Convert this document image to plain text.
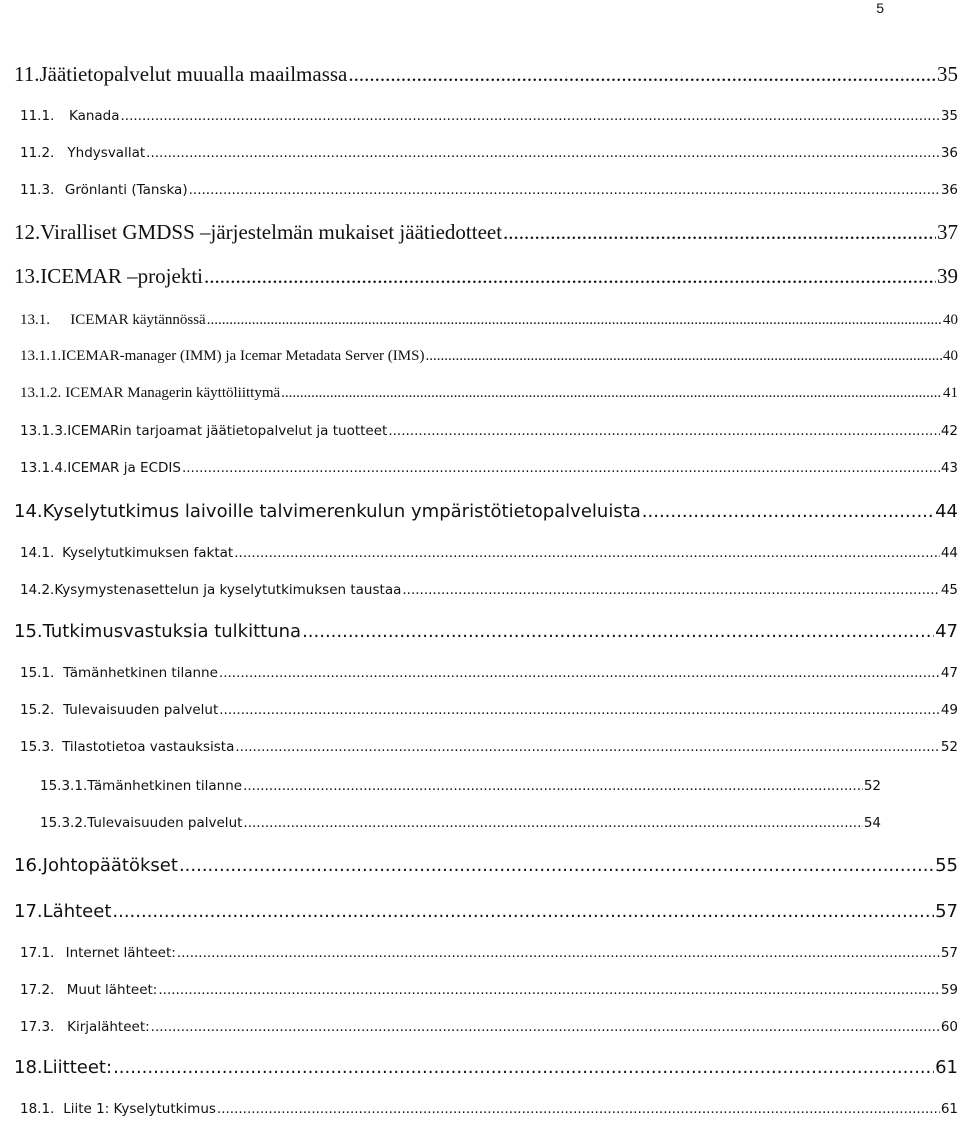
5
11. Jäätietopalvelut muualla maailmassa .....	35
11.1.	Kanada .....	35
11.2. Yhdysvallat .....	36
11.3. Grönlanti (Tanska) .....	36
12. Viralliset GMDSS –järjestelmän mukaiset jäätiedotteet .....	37
13. ICEMAR –projekti .....	39
13.1.	ICEMAR käytännössä .....	40
13.1.1. ICEMAR-manager (IMM) ja Icemar Metadata Server (IMS) .....	40
13.1.2. ICEMAR Managerin käyttöliittymä .....	41
13.1.3. ICEMARin tarjoamat jäätietopalvelut ja tuotteet .....	42
13.1.4. ICEMAR ja ECDIS .....	43
14. Kyselytutkimus laivoille talvimerenkulun ympäristötietopalveluista .....	44
14.1. Kyselytutkimuksen faktat .....	44
14.2. Kysymystenasettelun ja kyselytutkimuksen taustaa .....	45
15. Tutkimusvastuksia tulkittuna .....	47
15.1. Tämänhetkinen tilanne .....	47
15.2. Tulevaisuuden palvelut .....	49
15.3. Tilastotietoa vastauksista .....	52
15.3.1. Tämänhetkinen tilanne .....	52
15.3.2. Tulevaisuuden palvelut .....	54
16. Johtopäätökset .....	55
17. Lähteet .....	57
17.1. Internet lähteet: .....	57
17.2. Muut lähteet: .....	59
17.3. Kirjalähteet: .....	60
18. Liitteet: .....	61
18.1. Liite 1: Kyselytutkimus .....	61
